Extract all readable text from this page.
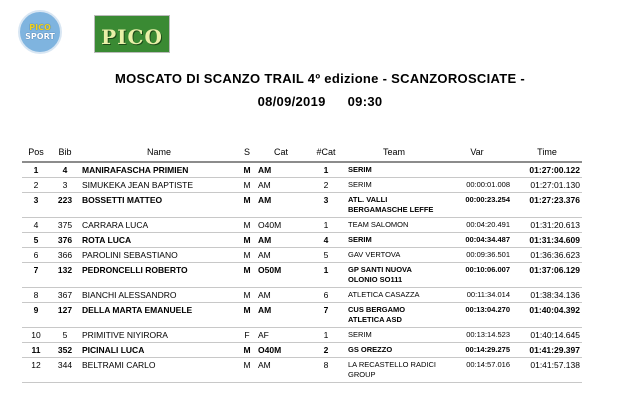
PICO
SPORT PICO
MOSCATO DI SCANZO TRAIL 4º edizione - SCANZOROSCIATE -
08/09/2019 09:30
Pos	Bib	Name	S	Cat	#Cat	Team	Var	Time
1	4	MANIRAFASCHA PRIMIEN	M	AM	1	SERIM		01:27:00.122
2	3	SIMUKEKA JEAN BAPTISTE	M	AM	2	SERIM	00:00:01.008	01:27:01.130
3	223	BOSSETTI MATTEO	M	AM	3	ATL. VALLI BERGAMASCHE LEFFE	00:00:23.254	01:27:23.376
4	375	CARRARA LUCA	M	O40M	1	TEAM SALOMON	00:04:20.491	01:31:20.613
5	376	ROTA LUCA	M	AM	4	SERIM	00:04:34.487	01:31:34.609
6	366	PAROLINI SEBASTIANO	M	AM	5	GAV VERTOVA	00:09:36.501	01:36:36.623
7	132	PEDRONCELLI ROBERTO	M	O50M	1	GP SANTI NUOVA OLONIO SO111	00:10:06.007	01:37:06.129
8	367	BIANCHI ALESSANDRO	M	AM	6	ATLETICA CASAZZA	00:11:34.014	01:38:34.136
9	127	DELLA MARTA EMANUELE	M	AM	7	CUS BERGAMO ATLETICA ASD	00:13:04.270	01:40:04.392
10	5	PRIMITIVE NIYIRORA	F	AF	1	SERIM	00:13:14.523	01:40:14.645
11	352	PICINALI LUCA	M	O40M	2	GS OREZZO	00:14:29.275	01:41:29.397
12	344	BELTRAMI CARLO	M	AM	8	LA RECASTELLO RADICI GROUP	00:14:57.016	01:41:57.138
